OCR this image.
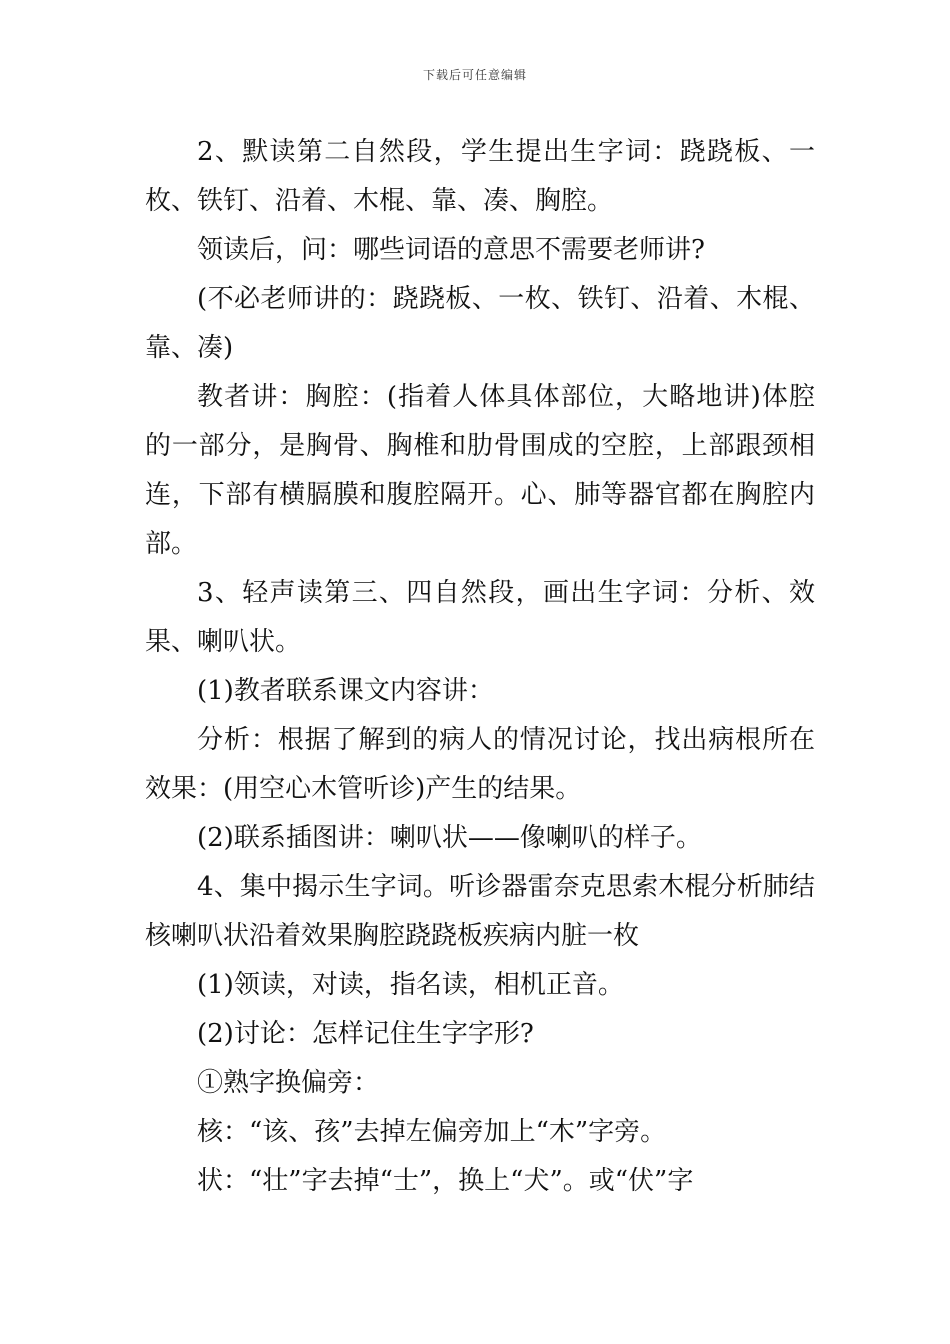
下载后可任意编辑

2、默读第二自然段，学生提出生字词：跷跷板、一枚、铁钉、沿着、木棍、靠、凑、胸腔。

领读后，问：哪些词语的意思不需要老师讲?

(不必老师讲的：跷跷板、一枚、铁钉、沿着、木棍、靠、凑)

教者讲：胸腔：(指着人体具体部位，大略地讲)体腔的一部分，是胸骨、胸椎和肋骨围成的空腔，上部跟颈相连，下部有横膈膜和腹腔隔开。心、肺等器官都在胸腔内部。

3、轻声读第三、四自然段，画出生字词：分析、效果、喇叭状。

(1)教者联系课文内容讲：

分析：根据了解到的病人的情况讨论，找出病根所在效果：(用空心木管听诊)产生的结果。

(2)联系插图讲：喇叭状——像喇叭的样子。

4、集中揭示生字词。听诊器雷奈克思索木棍分析肺结核喇叭状沿着效果胸腔跷跷板疾病内脏一枚

(1)领读，对读，指名读，相机正音。

(2)讨论：怎样记住生字字形?

①熟字换偏旁：

核：“该、孩”去掉左偏旁加上“木”字旁。

状：“壮”字去掉“士”，换上“犬”。或“伏”字
